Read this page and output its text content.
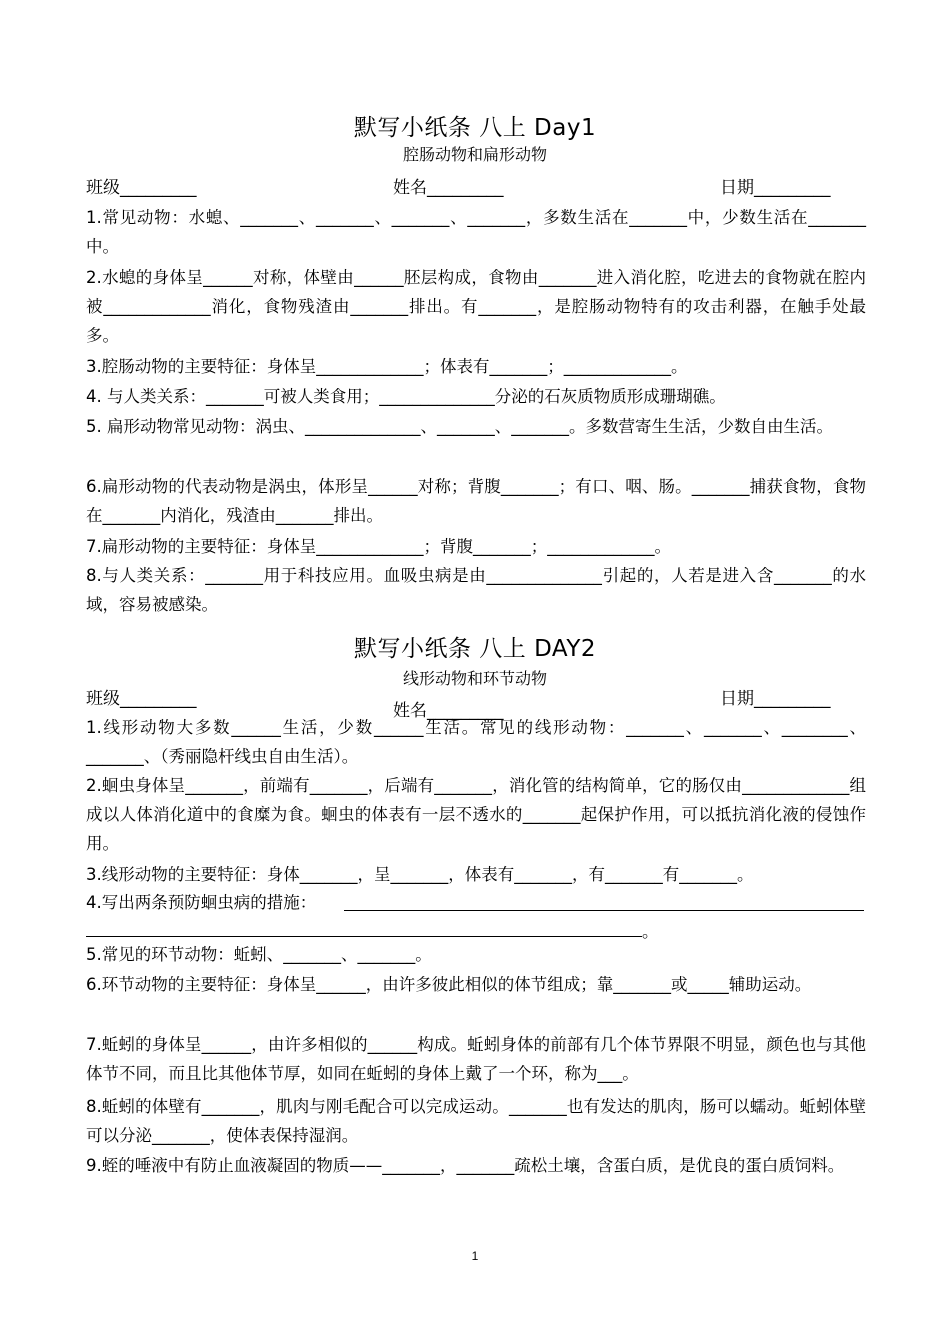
默写小纸条 八上 Day1
腔肠动物和扁形动物
班级_________	姓名_________	日期_________
1.常见动物：水螅、_______、_______、_______、_______，多数生活在_______中，少数生活在_______中。
2.水螅的身体呈______对称，体壁由______胚层构成，食物由_______进入消化腔，吃进去的食物就在腔内被_____________消化，食物残渣由_______排出。有_______，是腔肠动物特有的攻击利器，在触手处最多。
3.腔肠动物的主要特征：身体呈_____________；体表有_______；_____________。
4. 与人类关系：_______可被人类食用；______________分泌的石灰质物质形成珊瑚礁。
5. 扁形动物常见动物：涡虫、______________、_______、_______。多数营寄生生活，少数自由生活。
6.扁形动物的代表动物是涡虫，体形呈______对称；背腹_______；有口、咽、肠。_______捕获食物，食物在_______内消化，残渣由_______排出。
7.扁形动物的主要特征：身体呈_____________；背腹_______；_____________。
8.与人类关系：_______用于科技应用。血吸虫病是由______________引起的，人若是进入含_______的水域，容易被感染。
默写小纸条 八上 DAY2
线形动物和环节动物
班级_________
姓名_________
日期_________
1.线形动物大多数______生活，少数______生活。常见的线形动物：_______、_______、________、_______、（秀丽隐杆线虫自由生活）。
2.蛔虫身体呈_______，前端有_______，后端有_______，消化管的结构简单，它的肠仅由_____________组成以人体消化道中的食糜为食。蛔虫的体表有一层不透水的_______起保护作用，可以抵抗消化液的侵蚀作用。
3.线形动物的主要特征：身体_______，呈_______，体表有_______，有_______有_______。
4.写出两条预防蛔虫病的措施：
。
5.常见的环节动物：蚯蚓、_______、_______。
6.环节动物的主要特征：身体呈______，由许多彼此相似的体节组成；靠_______或_____辅助运动。
7.蚯蚓的身体呈______，由许多相似的______构成。蚯蚓身体的前部有几个体节界限不明显，颜色也与其他体节不同，而且比其他体节厚，如同在蚯蚓的身体上戴了一个环，称为___。
8.蚯蚓的体壁有_______，肌肉与刚毛配合可以完成运动。_______也有发达的肌肉，肠可以蠕动。蚯蚓体壁可以分泌_______，使体表保持湿润。
9.蛭的唾液中有防止血液凝固的物质——_______，_______疏松土壤，含蛋白质，是优良的蛋白质饲料。
1
